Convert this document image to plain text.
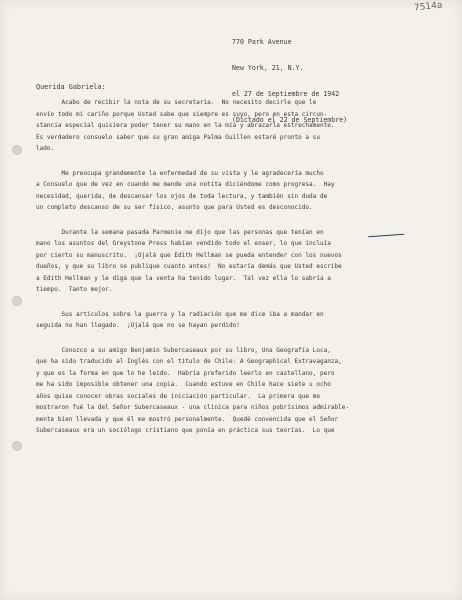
7514a

770 Park Avenue

New York, 21, N.Y.

el 27 de Septiembre de 1942

(Dictado el 22 de Septiembre)

Querida Gabriela:
Acabo de recibir la nota de su secretaria.  No necesito decirle que le
envío todo mi cariño porque Usted sabe que siempre es suyo, pero en esta circun-
stancia especial quisiera poder tener su mano en la mía y abrazarla estrechamente.
Es verdadero consuelo saber que su gran amiga Palma Guillen estaré pronto a su
lado.
Me preocupa grandemente la enfermedad de su vista y le agradecería mucho
a Consuelo que de vez en cuando me mande una notita diciéndome como progresa.  Hay
necesidad, querida, de descansar los ojos de toda lectura, y también sin duda de
un completo descanso de su ser físico, asunto que para Usted es desconocido.
Durante la semana pasada Parmenie me dijo que las personas que tenían en
mano los asuntos del Greystone Press habían vendido todo el enser, lo que incluía
por cierto su manuscrito.  ¡Ojalá que Edith Hellman se pueda entender con los nuevos
dueños, y que su libro se publique cuanto antes!  No estaría demás que Usted escribe
a Edith Hellman y le diga que la venta ha tenido lugar.  Tal vez ella lo sabría a
tiempo.  Tanto mejor.
Sus artículos sobre la guerra y la radiación que me dice iba a mandar en
seguida no han llegado.  ¡Ojalá que no se hayan perdido!
Conozco a su amigo Benjamín Subercaseaux por su libro, Una Geografía Loca,
que ha sido traducido al Inglés con el título de Chile: A Geographical Extravaganza,
y que es la forma en que lo he leído.  Habría preferido leerlo en castellano, pero
me ha sido imposible obtener una copia.  Cuando estuve en Chile hace siete u ocho
años quise conocer obras sociales de iniciación particular.  La primera que me
mostraron fué la del Señor Subercaseaux - una clínica para niños pobrísimos admirable-
mente bien llevada y que él me mostró personalmente.  Quedé convencida que el Señor
Subercaseaux era un sociólogo cristiano que ponía en práctica sus teorías.  Lo que
